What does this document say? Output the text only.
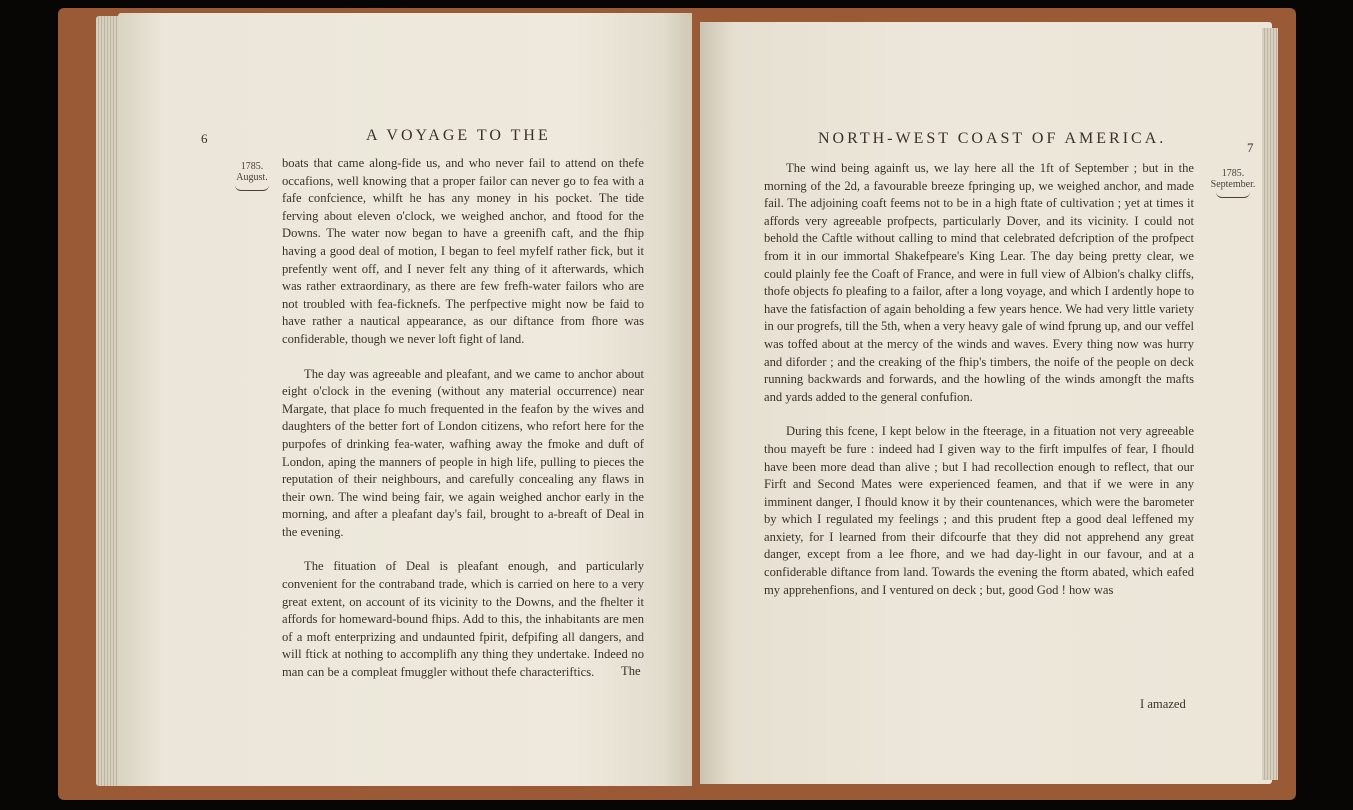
6	A VOYAGE TO THE
1785.
August.

boats that came along-fide us, and who never fail to attend on thefe occafions, well knowing that a proper failor can never go to fea with a fafe confcience, whilft he has any money in his pocket. The tide ferving about eleven o'clock, we weighed anchor, and ftood for the Downs. The water now began to have a greenifh caft, and the fhip having a good deal of motion, I began to feel myfelf rather fick, but it prefently went off, and I never felt any thing of it afterwards, which was rather extraordinary, as there are few frefh-water failors who are not troubled with fea-ficknefs. The perfpective might now be faid to have rather a nautical appearance, as our diftance from fhore was confiderable, though we never loft fight of land.

The day was agreeable and pleafant, and we came to anchor about eight o'clock in the evening (without any material occurrence) near Margate, that place fo much frequented in the feafon by the wives and daughters of the better fort of London citizens, who refort here for the purpofes of drinking fea-water, wafhing away the fmoke and duft of London, aping the manners of people in high life, pulling to pieces the reputation of their neighbours, and carefully concealing any flaws in their own. The wind being fair, we again weighed anchor early in the morning, and after a pleafant day's fail, brought to a-breaft of Deal in the evening.

The fituation of Deal is pleafant enough, and particularly convenient for the contraband trade, which is carried on here to a very great extent, on account of its vicinity to the Downs, and the fhelter it affords for homeward-bound fhips. Add to this, the inhabitants are men of a moft enterprizing and undaunted fpirit, defpifing all dangers, and will ftick at nothing to accomplifh any thing they undertake. Indeed no man can be a compleat fmuggler without thefe characteriftics.	The
NORTH-WEST COAST OF AMERICA.
7
1785.
September.

The wind being againft us, we lay here all the 1ft of September ; but in the morning of the 2d, a favourable breeze fpringing up, we weighed anchor, and made fail. The adjoining coaft feems not to be in a high ftate of cultivation ; yet at times it affords very agreeable profpects, particularly Dover, and its vicinity. I could not behold the Caftle without calling to mind that celebrated defcription of the profpect from it in our immortal Shakefpeare's King Lear. The day being pretty clear, we could plainly fee the Coaft of France, and were in full view of Albion's chalky cliffs, thofe objects fo pleafing to a failor, after a long voyage, and which I ardently hope to have the fatisfaction of again beholding a few years hence. We had very little variety in our progrefs, till the 5th, when a very heavy gale of wind fprung up, and our veffel was toffed about at the mercy of the winds and waves. Every thing now was hurry and diforder ; and the creaking of the fhip's timbers, the noife of the people on deck running backwards and forwards, and the howling of the winds amongft the mafts and yards added to the general confufion.

During this fcene, I kept below in the fteerage, in a fituation not very agreeable thou mayeft be fure : indeed had I given way to the firft impulfes of fear, I fhould have been more dead than alive ; but I had recollection enough to reflect, that our Firft and Second Mates were experienced feamen, and that if we were in any imminent danger, I fhould know it by their countenances, which were the barometer by which I regulated my feelings ; and this prudent ftep a good deal leffened my anxiety, for I learned from their difcourfe that they did not apprehend any great danger, except from a lee fhore, and we had day-light in our favour, and at a confiderable diftance from land. Towards the evening the ftorm abated, which eafed my apprehenfions, and I ventured on deck ; but, good God ! how was

I amazed
